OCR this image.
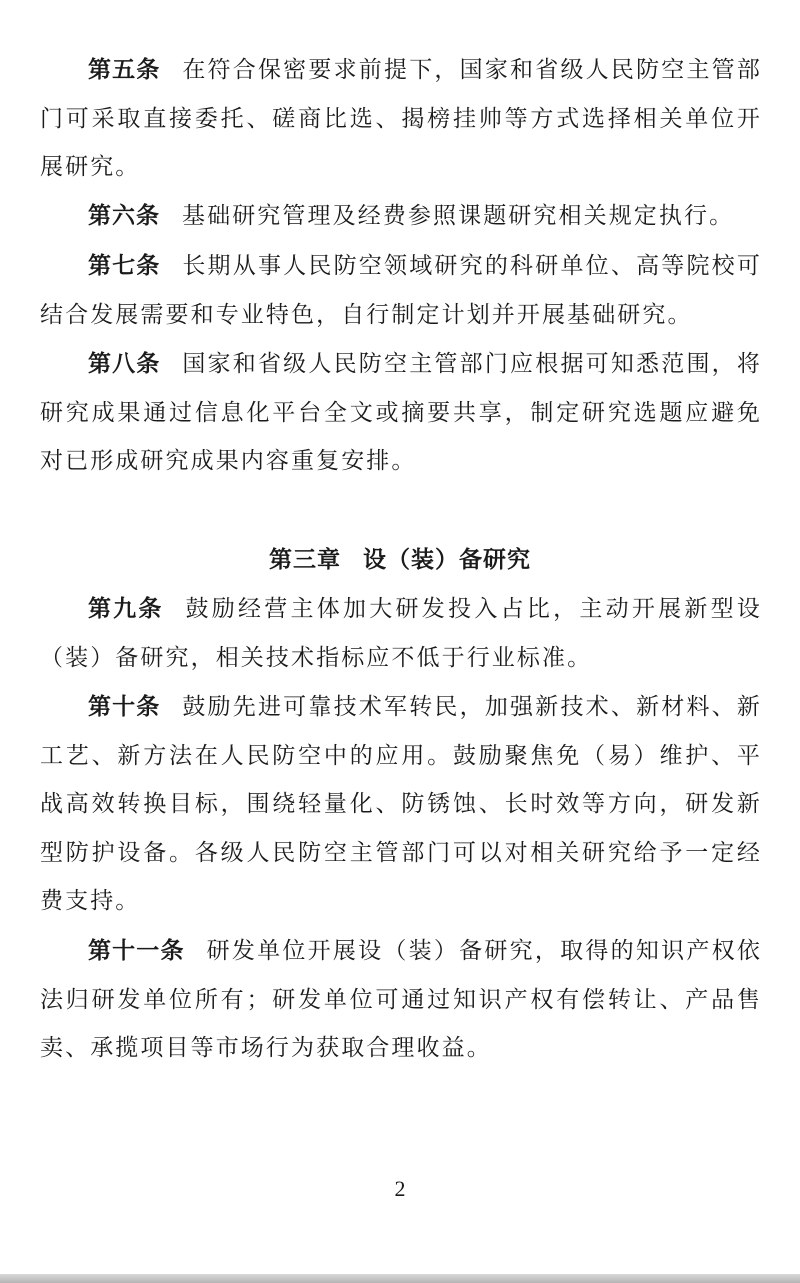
第五条 在符合保密要求前提下，国家和省级人民防空主管部门可采取直接委托、磋商比选、揭榜挂帅等方式选择相关单位开展研究。

第六条 基础研究管理及经费参照课题研究相关规定执行。

第七条 长期从事人民防空领域研究的科研单位、高等院校可结合发展需要和专业特色，自行制定计划并开展基础研究。

第八条 国家和省级人民防空主管部门应根据可知悉范围，将研究成果通过信息化平台全文或摘要共享，制定研究选题应避免对已形成研究成果内容重复安排。

第三章 设（装）备研究

第九条 鼓励经营主体加大研发投入占比，主动开展新型设（装）备研究，相关技术指标应不低于行业标准。

第十条 鼓励先进可靠技术军转民，加强新技术、新材料、新工艺、新方法在人民防空中的应用。鼓励聚焦免（易）维护、平战高效转换目标，围绕轻量化、防锈蚀、长时效等方向，研发新型防护设备。各级人民防空主管部门可以对相关研究给予一定经费支持。

第十一条 研发单位开展设（装）备研究，取得的知识产权依法归研发单位所有；研发单位可通过知识产权有偿转让、产品售卖、承揽项目等市场行为获取合理收益。

2
